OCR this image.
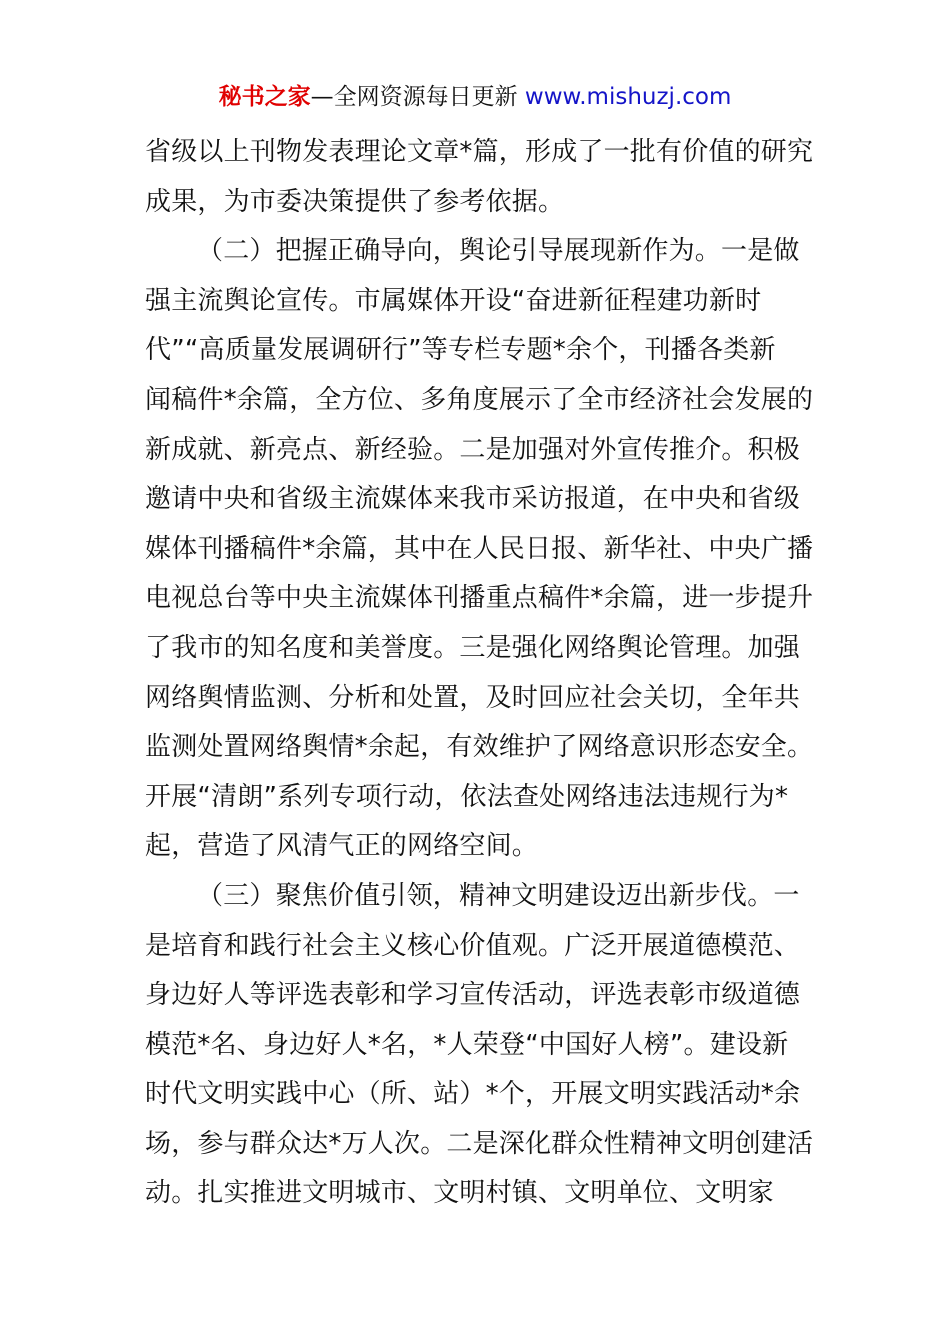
秘书之家—全网资源每日更新 www.mishuzj.com
省级以上刊物发表理论文章*篇，形成了一批有价值的研究
成果，为市委决策提供了参考依据。
（二）把握正确导向，舆论引导展现新作为。一是做
强主流舆论宣传。市属媒体开设“奋进新征程建功新时
代”“高质量发展调研行”等专栏专题*余个，刊播各类新
闻稿件*余篇，全方位、多角度展示了全市经济社会发展的
新成就、新亮点、新经验。二是加强对外宣传推介。积极
邀请中央和省级主流媒体来我市采访报道，在中央和省级
媒体刊播稿件*余篇，其中在人民日报、新华社、中央广播
电视总台等中央主流媒体刊播重点稿件*余篇，进一步提升
了我市的知名度和美誉度。三是强化网络舆论管理。加强
网络舆情监测、分析和处置，及时回应社会关切，全年共
监测处置网络舆情*余起，有效维护了网络意识形态安全。
开展“清朗”系列专项行动，依法查处网络违法违规行为*
起，营造了风清气正的网络空间。
（三）聚焦价值引领，精神文明建设迈出新步伐。一
是培育和践行社会主义核心价值观。广泛开展道德模范、
身边好人等评选表彰和学习宣传活动，评选表彰市级道德
模范*名、身边好人*名，*人荣登“中国好人榜”。建设新
时代文明实践中心（所、站）*个，开展文明实践活动*余
场，参与群众达*万人次。二是深化群众性精神文明创建活
动。扎实推进文明城市、文明村镇、文明单位、文明家
